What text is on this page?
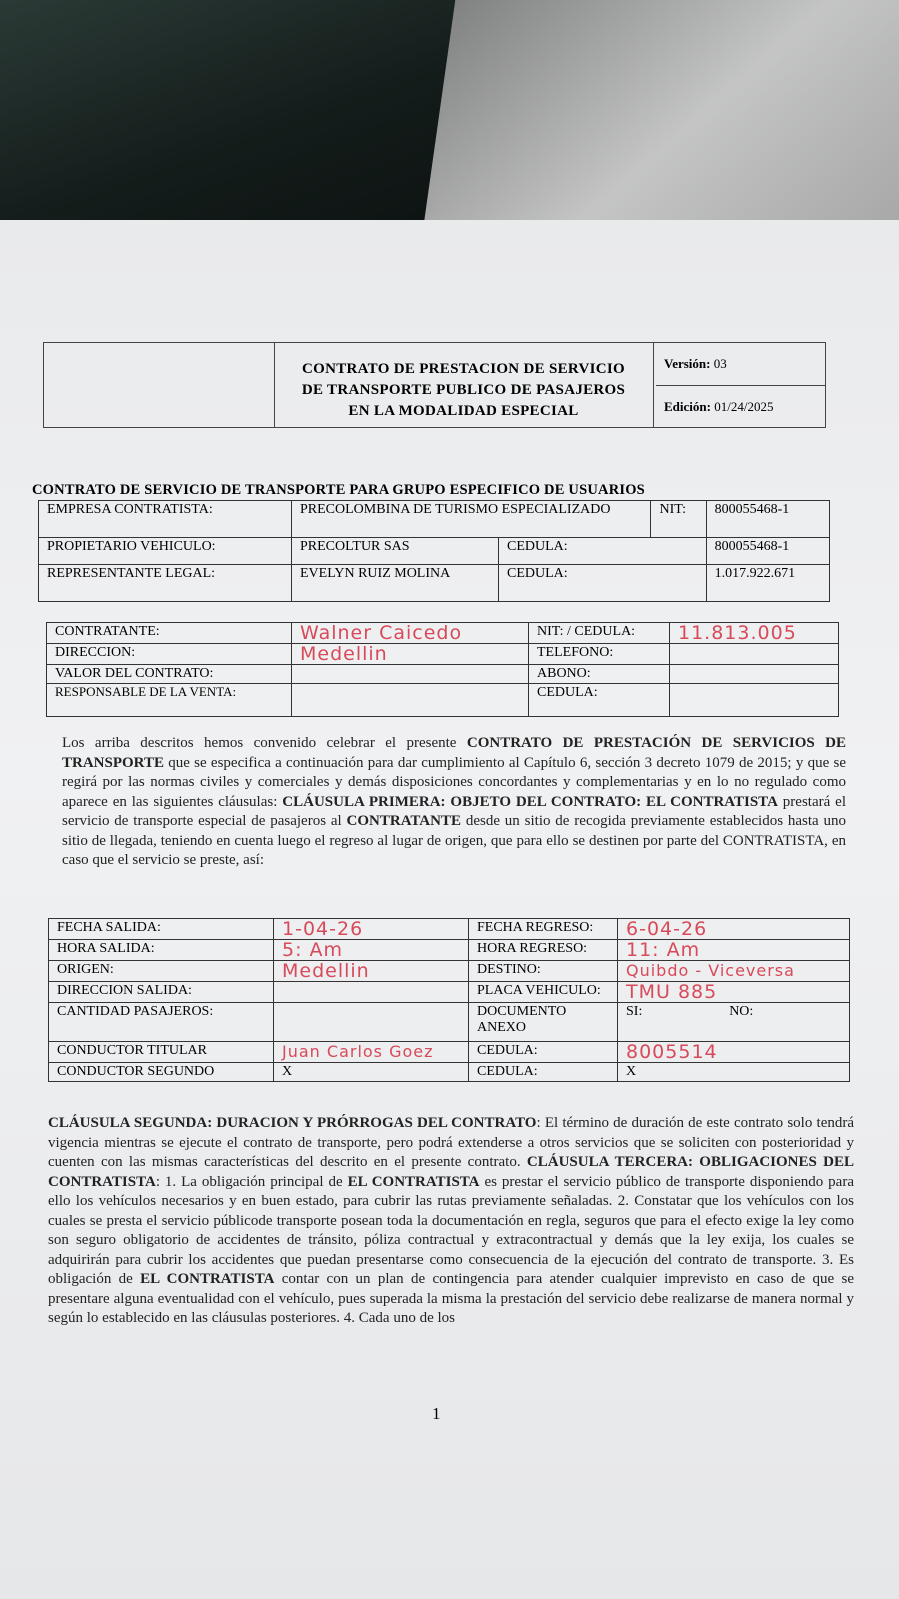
CONTRATO DE PRESTACION DE SERVICIO
DE TRANSPORTE PUBLICO DE PASAJEROS
EN LA MODALIDAD ESPECIAL
Versión: 03
Edición: 01/24/2025
CONTRATO DE SERVICIO DE TRANSPORTE PARA GRUPO ESPECIFICO DE USUARIOS
EMPRESA CONTRATISTA:	PRECOLOMBINA DE TURISMO ESPECIALIZADO		NIT:	800055468-1
PROPIETARIO VEHICULO:	PRECOLTUR SAS	CEDULA:		800055468-1
REPRESENTANTE LEGAL:	EVELYN RUIZ MOLINA	CEDULA:		1.017.922.671
CONTRATANTE:	Walner Caicedo	NIT: / CEDULA:	11.813.005
DIRECCION:	Medellin	TELEFONO:	
VALOR DEL CONTRATO:		ABONO:	
RESPONSABLE DE LA VENTA:		CEDULA:	
Los arriba descritos hemos convenido celebrar el presente CONTRATO DE PRESTACIÓN DE SERVICIOS DE TRANSPORTE que se especifica a continuación para dar cumplimiento al Capítulo 6, sección 3 decreto 1079 de 2015; y que se regirá por las normas civiles y comerciales y demás disposiciones concordantes y complementarias y en lo no regulado como aparece en las siguientes cláusulas: CLÁUSULA PRIMERA: OBJETO DEL CONTRATO: EL CONTRATISTA prestará el servicio de transporte especial de pasajeros al CONTRATANTE desde un sitio de recogida previamente establecidos hasta uno sitio de llegada, teniendo en cuenta luego el regreso al lugar de origen, que para ello se destinen por parte del CONTRATISTA, en caso que el servicio se preste, así:
FECHA SALIDA:	1-04-26	FECHA REGRESO:	6-04-26	
HORA SALIDA:	5: Am	HORA REGRESO:	11: Am	
ORIGEN:	Medellin	DESTINO:	Quibdo - Viceversa	
DIRECCION SALIDA:		PLACA VEHICULO:	TMU 885	
CANTIDAD PASAJEROS:		DOCUMENTO ANEXO	SI:	NO:
CONDUCTOR TITULAR	Juan Carlos Goez	CEDULA:	8005514	
CONDUCTOR SEGUNDO	X	CEDULA:	X	
CLÁUSULA SEGUNDA: DURACION Y PRÓRROGAS DEL CONTRATO: El término de duración de este contrato solo tendrá vigencia mientras se ejecute el contrato de transporte, pero podrá extenderse a otros servicios que se soliciten con posterioridad y cuenten con las mismas características del descrito en el presente contrato. CLÁUSULA TERCERA: OBLIGACIONES DEL CONTRATISTA: 1. La obligación principal de EL CONTRATISTA es prestar el servicio público de transporte disponiendo para ello los vehículos necesarios y en buen estado, para cubrir las rutas previamente señaladas. 2. Constatar que los vehículos con los cuales se presta el servicio públicode transporte posean toda la documentación en regla, seguros que para el efecto exige la ley como son seguro obligatorio de accidentes de tránsito, póliza contractual y extracontractual y demás que la ley exija, los cuales se adquirirán para cubrir los accidentes que puedan presentarse como consecuencia de la ejecución del contrato de transporte. 3. Es obligación de EL CONTRATISTA contar con un plan de contingencia para atender cualquier imprevisto en caso de que se presentare alguna eventualidad con el vehículo, pues superada la misma la prestación del servicio debe realizarse de manera normal y según lo establecido en las cláusulas posteriores. 4. Cada uno de los
1
